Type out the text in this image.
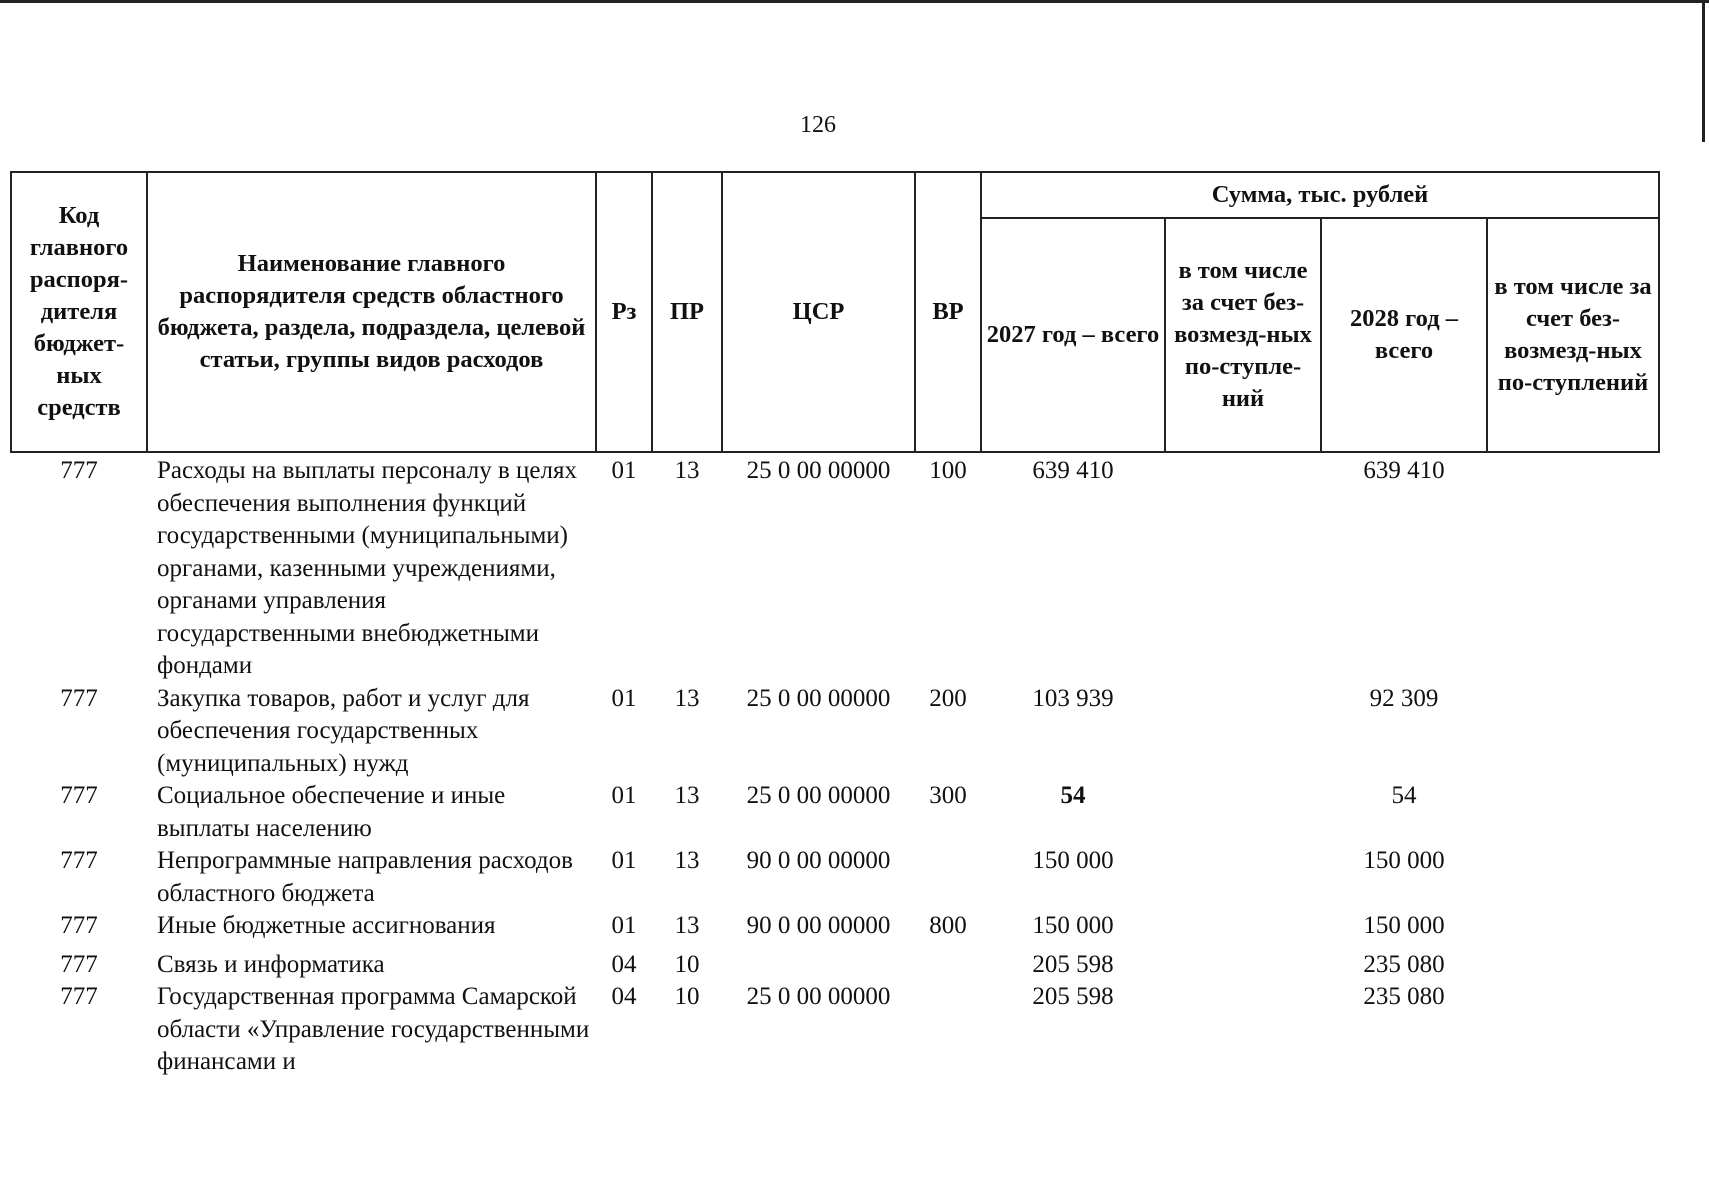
126
Код главного распоря-дителя бюджет-ных средств	Наименование главного распорядителя средств областного бюджета, раздела, подраздела, целевой статьи, группы видов расходов	Рз	ПР	ЦСР	ВР	Сумма, тыс. рублей			
						2027 год – всего	в том числе за счет без-возмезд-ных по-ступле-ний	2028 год – всего	в том числе за счет без-возмезд-ных по-ступлений
777	Расходы на выплаты персоналу в целях обеспечения выполнения функций государственными (муниципальными) органами, казенными учреждениями, органами управления государственными внебюджетными фондами	01	13	25 0 00 00000	100	639 410		639 410	
777	Закупка товаров, работ и услуг для обеспечения государственных (муниципальных) нужд	01	13	25 0 00 00000	200	103 939		92 309	
777	Социальное обеспечение и иные выплаты населению	01	13	25 0 00 00000	300	54		54	
777	Непрограммные направления расходов областного бюджета	01	13	90 0 00 00000		150 000		150 000	
777	Иные бюджетные ассигнования	01	13	90 0 00 00000	800	150 000		150 000	
777	Связь и информатика	04	10			205 598		235 080	
777	Государственная программа Самарской области «Управление государственными финансами и	04	10	25 0 00 00000		205 598		235 080	
